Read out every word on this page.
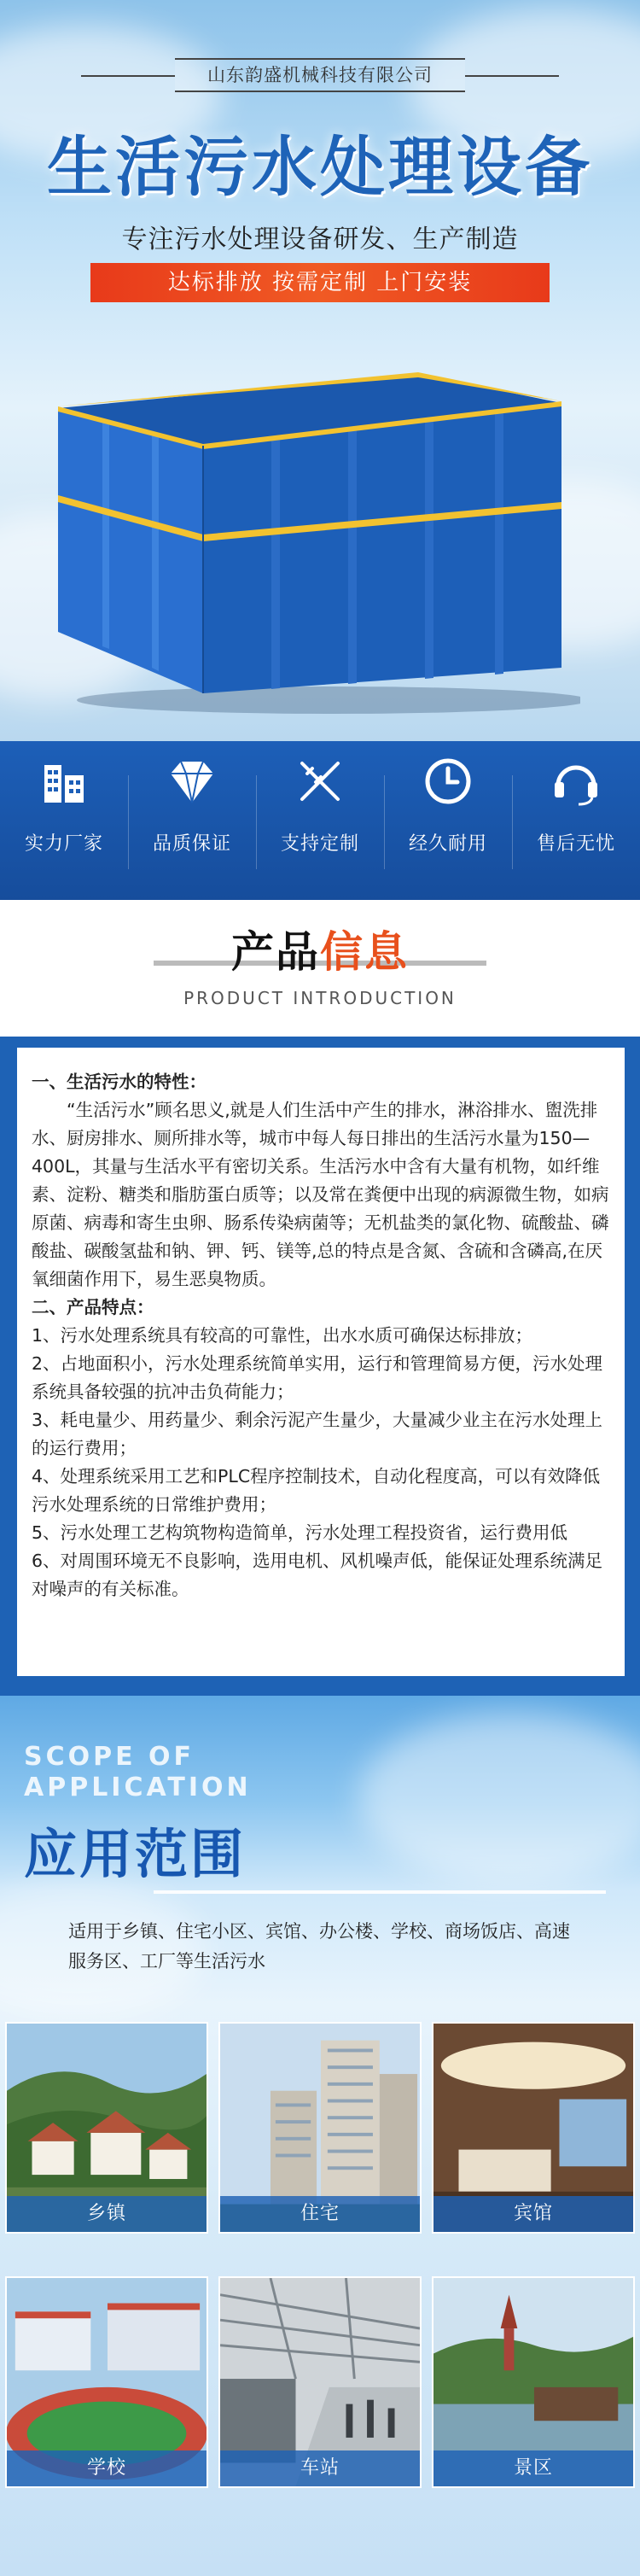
山东韵盛机械科技有限公司
生活污水处理设备
专注污水处理设备研发、生产制造
达标排放 按需定制 上门安装
实力厂家	品质保证	支持定制	经久耐用	售后无忧
产品信息
PRODUCT INTRODUCTION

一、生活污水的特性：

“生活污水”顾名思义,就是人们生活中产生的排水，淋浴排水、盥洗排水、厨房排水、厕所排水等，城市中每人每日排出的生活污水量为150—400L，其量与生活水平有密切关系。生活污水中含有大量有机物，如纤维素、淀粉、糖类和脂肪蛋白质等；以及常在粪便中出现的病源微生物，如病原菌、病毒和寄生虫卵、肠系传染病菌等；无机盐类的氯化物、硫酸盐、磷酸盐、碳酸氢盐和钠、钾、钙、镁等,总的特点是含氮、含硫和含磷高,在厌氧细菌作用下，易生恶臭物质。

二、产品特点：

1、污水处理系统具有较高的可靠性，出水水质可确保达标排放；

2、占地面积小，污水处理系统简单实用，运行和管理简易方便，污水处理系统具备较强的抗冲击负荷能力；

3、耗电量少、用药量少、剩余污泥产生量少，大量减少业主在污水处理上的运行费用；

4、处理系统采用工艺和PLC程序控制技术，自动化程度高，可以有效降低污水处理系统的日常维护费用；

5、污水处理工艺构筑物构造简单，污水处理工程投资省，运行费用低

6、对周围环境无不良影响，选用电机、风机噪声低，能保证处理系统满足对噪声的有关标准。

SCOPE OF
APPLICATION
应用范围
适用于乡镇、住宅小区、宾馆、办公楼、学校、商场饭店、高速服务区、工厂等生活污水
乡镇	住宅	宾馆
学校	车站	景区
